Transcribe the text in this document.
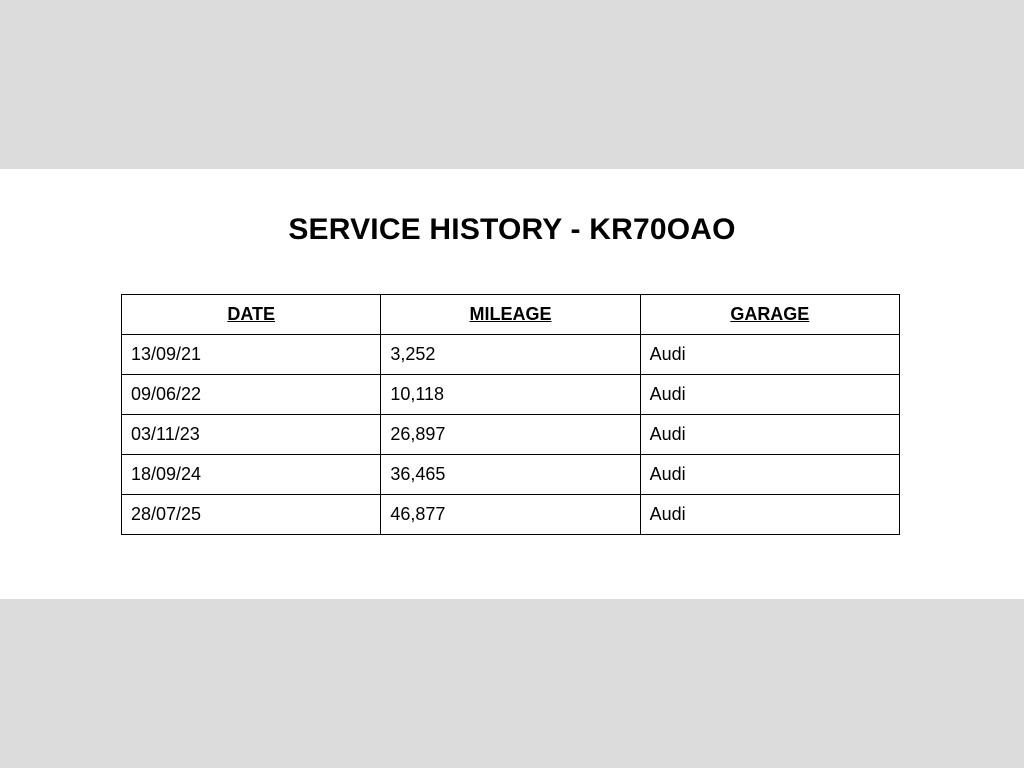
SERVICE HISTORY - KR70OAO
DATE	MILEAGE	GARAGE
13/09/21	3,252	Audi
09/06/22	10,118	Audi
03/11/23	26,897	Audi
18/09/24	36,465	Audi
28/07/25	46,877	Audi
